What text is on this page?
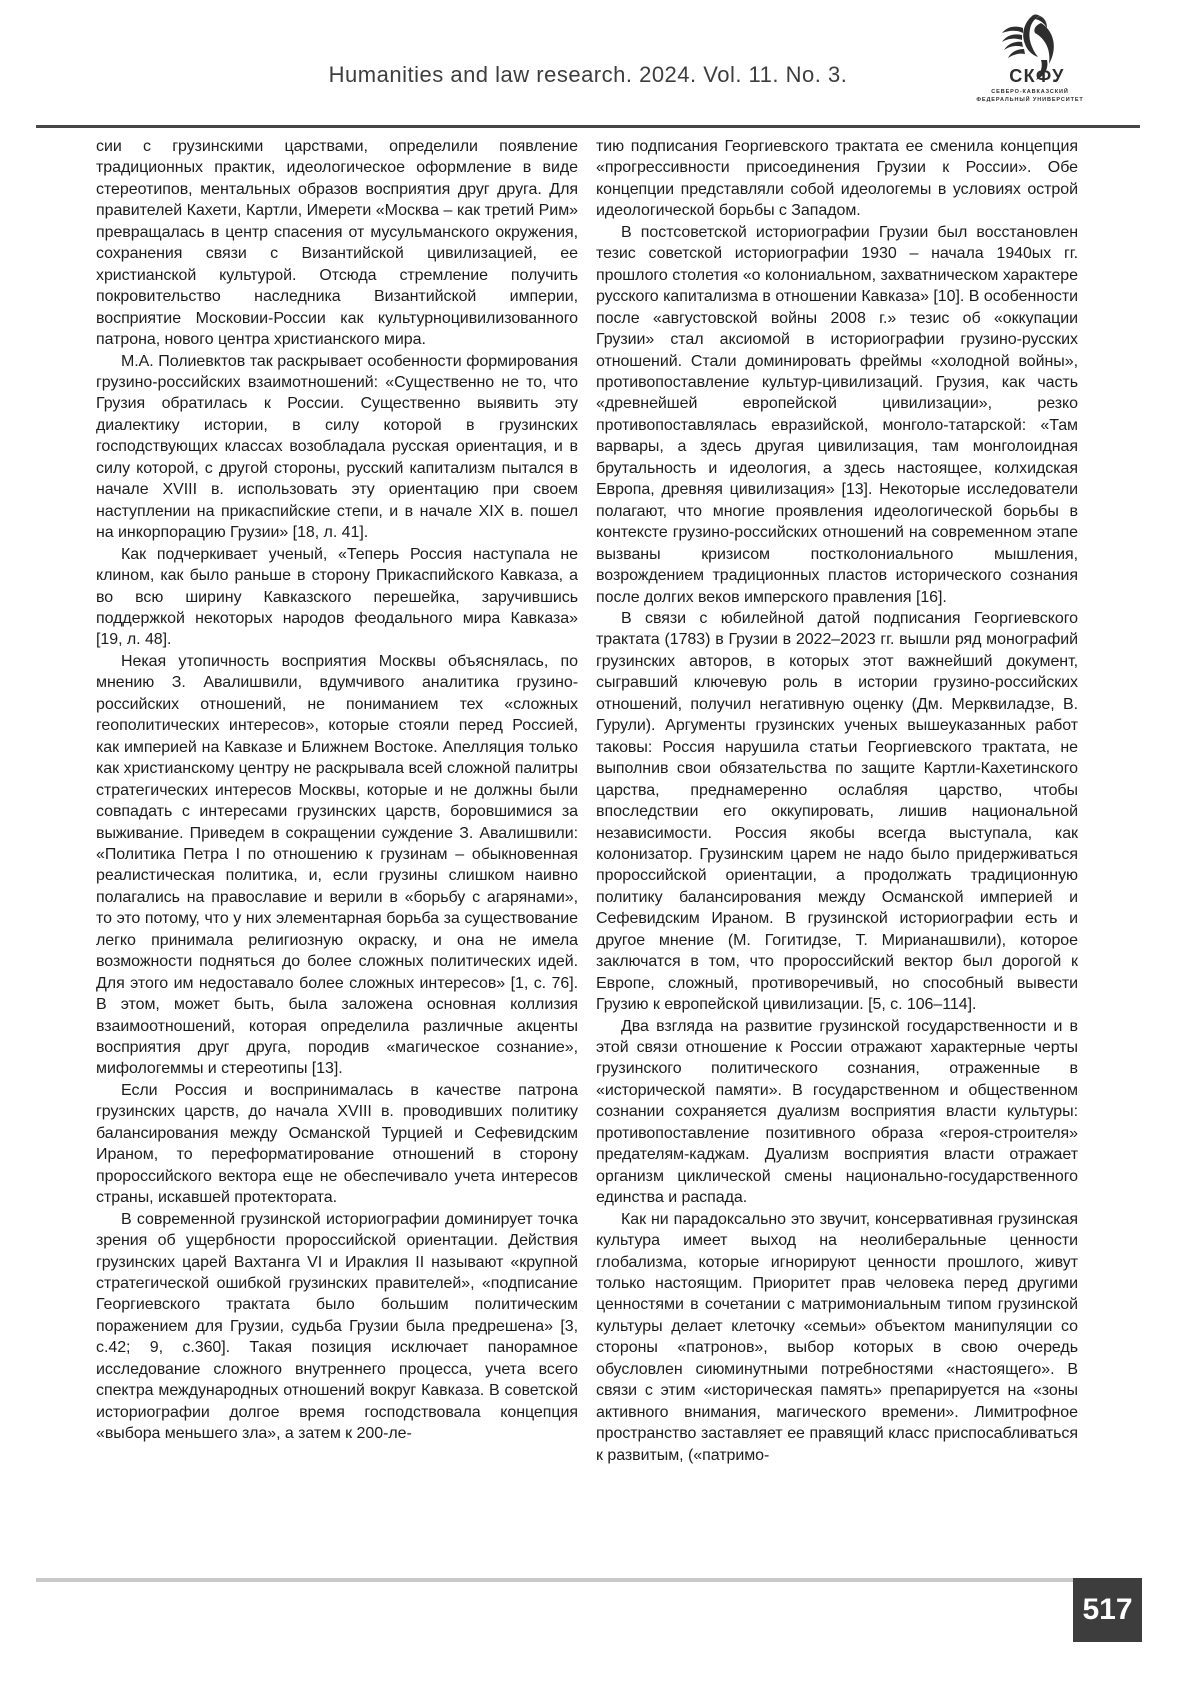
Humanities and law research. 2024. Vol. 11. No. 3.	СКФУ
СЕВЕРО-КАВКАЗСКИЙ
ФЕДЕРАЛЬНЫЙ УНИВЕРСИТЕТ

сии с грузинскими царствами, определили появление традиционных практик, идеологическое оформление в виде стереотипов, ментальных образов восприятия друг друга. Для правителей Кахети, Картли, Имерети «Москва – как третий Рим» превращалась в центр спасения от мусульманского окружения, сохранения связи с Византийской цивилизацией, ее христианской культурой. Отсюда стремление получить покровительство наследника Византийской империи, восприятие Московии-России как культурноцивилизованного патрона, нового центра христианского мира.

М.А. Полиевктов так раскрывает особенности формирования грузино-российских взаимотношений: «Существенно не то, что Грузия обратилась к России. Существенно выявить эту диалектику истории, в силу которой в грузинских господствующих классах возобладала русская ориентация, и в силу которой, с другой стороны, русский капитализм пытался в начале XVIII в. использовать эту ориентацию при своем наступлении на прикаспийские степи, и в начале XIX в. пошел на инкорпорацию Грузии» [18, л. 41].

Как подчеркивает ученый, «Теперь Россия наступала не клином, как было раньше в сторону Прикаспийского Кавказа, а во всю ширину Кавказского перешейка, заручившись поддержкой некоторых народов феодального мира Кавказа» [19, л. 48].

Некая утопичность восприятия Москвы объяснялась, по мнению З. Авалишвили, вдумчивого аналитика грузино-российских отношений, не пониманием тех «сложных геополитических интересов», которые стояли перед Россией, как империей на Кавказе и Ближнем Востоке. Апелляция только как христианскому центру не раскрывала всей сложной палитры стратегических интересов Москвы, которые и не должны были совпадать с интересами грузинских царств, боровшимися за выживание. Приведем в сокращении суждение З. Авалишвили: «Политика Петра I по отношению к грузинам – обыкновенная реалистическая политика, и, если грузины слишком наивно полагались на православие и верили в «борьбу с агарянами», то это потому, что у них элементарная борьба за существование легко принимала религиозную окраску, и она не имела возможности подняться до более сложных политических идей. Для этого им недоставало более сложных интересов» [1, с. 76]. В этом, может быть, была заложена основная коллизия взаимоотношений, которая определила различные акценты восприятия друг друга, породив «магическое сознание», мифологеммы и стереотипы [13].

Если Россия и воспринималась в качестве патрона грузинских царств, до начала XVIII в. проводивших политику балансирования между Османской Турцией и Сефевидским Ираном, то переформатирование отношений в сторону пророссийского вектора еще не обеспечивало учета интересов страны, искавшей протектората.

В современной грузинской историографии доминирует точка зрения об ущербности пророссийской ориентации. Действия грузинских царей Вахтанга VI и Ираклия II называют «крупной стратегической ошибкой грузинских правителей», «подписание Георгиевского трактата было большим политическим поражением для Грузии, судьба Грузии была предрешена» [3, с.42; 9, с.360]. Такая позиция исключает панорамное исследование сложного внутреннего процесса, учета всего спектра международных отношений вокруг Кавказа. В советской историографии долгое время господствовала концепция «выбора меньшего зла», а затем к 200-ле-

тию подписания Георгиевского трактата ее сменила концепция «прогрессивности присоединения Грузии к России». Обе концепции представляли собой идеологемы в условиях острой идеологической борьбы с Западом.

В постсоветской историографии Грузии был восстановлен тезис советской историографии 1930 – начала 1940ых гг. прошлого столетия «о колониальном, захватническом характере русского капитализма в отношении Кавказа» [10]. В особенности после «августовской войны 2008 г.» тезис об «оккупации Грузии» стал аксиомой в историографии грузино-русских отношений. Стали доминировать фреймы «холодной войны», противопоставление культур-цивилизаций. Грузия, как часть «древнейшей европейской цивилизации», резко противопоставлялась евразийской, монголо-татарской: «Там варвары, а здесь другая цивилизация, там монголоидная брутальность и идеология, а здесь настоящее, колхидская Европа, древняя цивилизация» [13]. Некоторые исследователи полагают, что многие проявления идеологической борьбы в контексте грузино-российских отношений на современном этапе вызваны кризисом постколониального мышления, возрождением традиционных пластов исторического сознания после долгих веков имперского правления [16].

В связи с юбилейной датой подписания Георгиевского трактата (1783) в Грузии в 2022–2023 гг. вышли ряд монографий грузинских авторов, в которых этот важнейший документ, сыгравший ключевую роль в истории грузино-российских отношений, получил негативную оценку (Дм. Мерквиладзе, В. Гурули). Аргументы грузинских ученых вышеуказанных работ таковы: Россия нарушила статьи Георгиевского трактата, не выполнив свои обязательства по защите Картли-Кахетинского царства, преднамеренно ослабляя царство, чтобы впоследствии его оккупировать, лишив национальной независимости. Россия якобы всегда выступала, как колонизатор. Грузинским царем не надо было придерживаться пророссийской ориентации, а продолжать традиционную политику балансирования между Османской империей и Сефевидским Ираном. В грузинской историографии есть и другое мнение (М. Гогитидзе, Т. Мирианашвили), которое заключатся в том, что пророссийский вектор был дорогой к Европе, сложный, противоречивый, но способный вывести Грузию к европейской цивилизации. [5, с. 106–114].

Два взгляда на развитие грузинской государственности и в этой связи отношение к России отражают характерные черты грузинского политического сознания, отраженные в «исторической памяти». В государственном и общественном сознании сохраняется дуализм восприятия власти культуры: противопоставление позитивного образа «героя-строителя» предателям-каджам. Дуализм восприятия власти отражает организм циклической смены национально-государственного единства и распада.

Как ни парадоксально это звучит, консервативная грузинская культура имеет выход на неолиберальные ценности глобализма, которые игнорируют ценности прошлого, живут только настоящим. Приоритет прав человека перед другими ценностями в сочетании с матримониальным типом грузинской культуры делает клеточку «семьи» объектом манипуляции со стороны «патронов», выбор которых в свою очередь обусловлен сиюминутными потребностями «настоящего». В связи с этим «историческая память» препарируется на «зоны активного внимания, магического времени». Лимитрофное пространство заставляет ее правящий класс приспосабливаться к развитым, («патримо-

517
